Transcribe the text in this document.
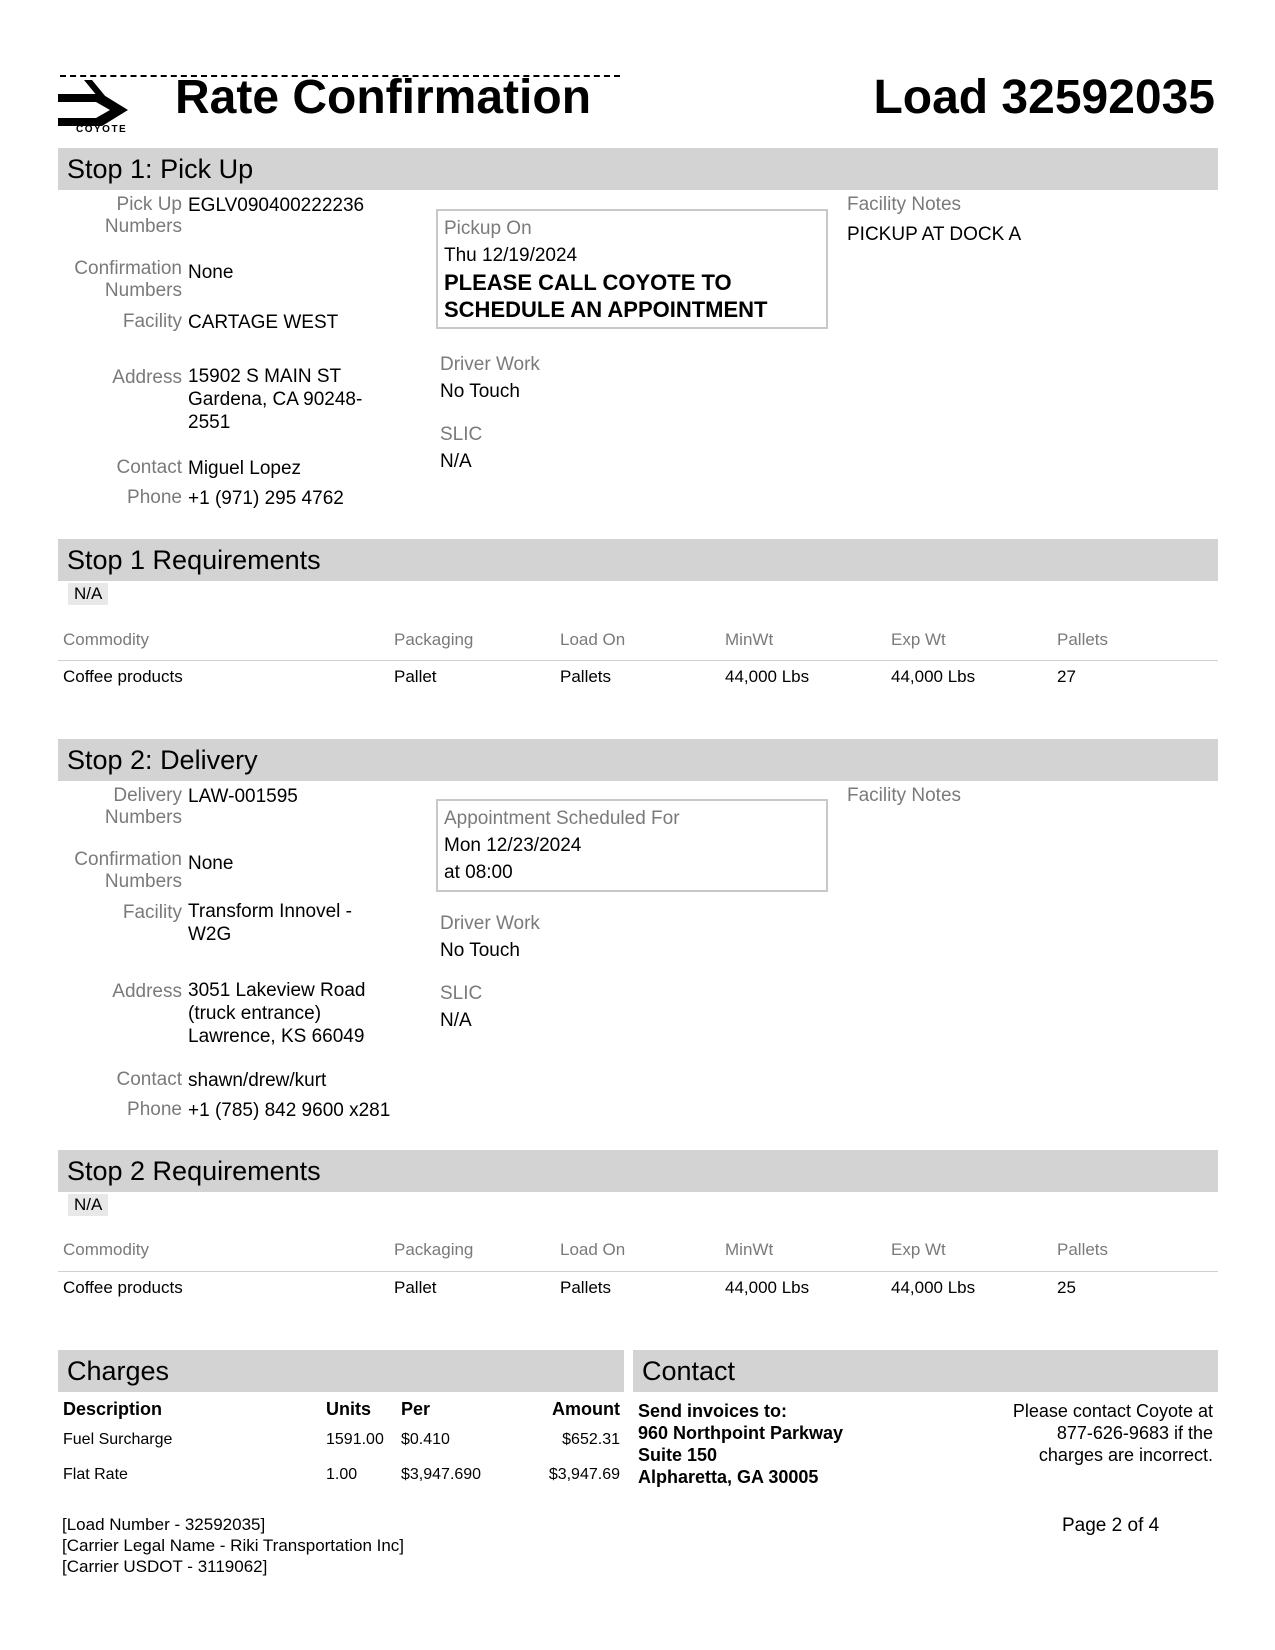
COYOTE
Rate Confirmation	Load 32592035
Stop 1: Pick Up
Pick Up Numbers
EGLV090400222236
Confirmation Numbers
None
Facility CARTAGE WEST
Address 15902 S MAIN ST Gardena, CA 90248-2551
Contact Miguel Lopez
Phone +1 (971) 295 4762
Pickup On
Thu 12/19/2024
PLEASE CALL COYOTE TO SCHEDULE AN APPOINTMENT
Driver Work
No Touch
SLIC
N/A
Facility Notes
PICKUP AT DOCK A
Stop 1 Requirements
N/A
Commodity	Packaging	Load On	MinWt	Exp Wt	Pallets
Coffee products	Pallet	Pallets	44,000 Lbs	44,000 Lbs	27
Stop 2: Delivery
Delivery Numbers
LAW-001595
Confirmation Numbers
None
Facility Transform Innovel - W2G
Address 3051 Lakeview Road (truck entrance) Lawrence, KS 66049
Contact shawn/drew/kurt
Phone +1 (785) 842 9600 x281
Appointment Scheduled For
Mon 12/23/2024
at 08:00
Driver Work
No Touch
SLIC
N/A
Facility Notes
Stop 2 Requirements
N/A
Commodity	Packaging	Load On	MinWt	Exp Wt	Pallets
Coffee products	Pallet	Pallets	44,000 Lbs	44,000 Lbs	25
Charges
Description	Units Per	Amount
Fuel Surcharge	1591.00 $0.410	$652.31
Flat Rate	1.00	$3,947.690	$3,947.69
Contact
Send invoices to:
960 Northpoint Parkway
Suite 150
Alpharetta, GA 30005
Please contact Coyote at 877-626-9683 if the charges are incorrect.
[Load Number - 32592035]
[Carrier Legal Name - Riki Transportation Inc]
[Carrier USDOT - 3119062]
Page 2 of 4
